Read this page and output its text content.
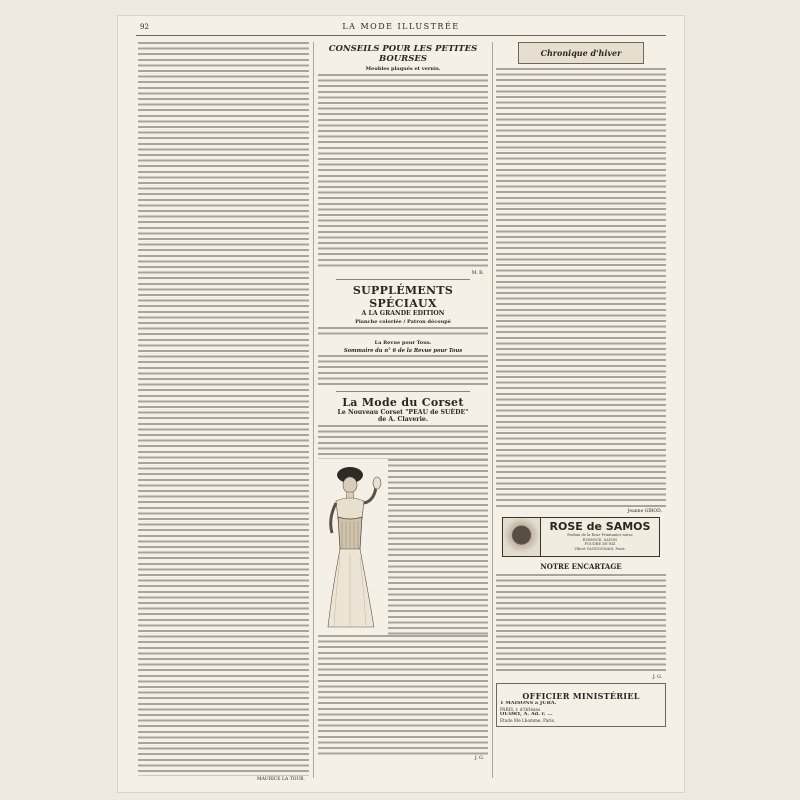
92	LA MODE ILLUSTRÉE
MAURICE LA TOUR.
CONSEILS POUR LES PETITES BOURSES
Meubles plaqués et vernis.
M. R.
SUPPLÉMENTS SPÉCIAUX
A LA GRANDE EDITION
Planche coloriée / Patron découpé
La Revue pour Tous.
Sommaire du n° 6 de la Revue pour Tous
La Mode du Corset
Le Nouveau Corset "PEAU de SUÈDE"
de A. Claverie.
J. G.
Chronique d'hiver
Jeanne GIROD.
ROSE de SAMOS
Parfum de la Rose Prinitanier mirac
ESSENCE, SAVON
POUDRE DE RIZ
Vibert VAGNOGNAIS, Paris.
NOTRE ENCARTAGE
J. G.
OFFICIER MINISTÉRIEL
1 MAISONS à JURA.
PARIS, r. d'Orléans
OUDRY, A. Ad. r. ...
Étude Me Lhomme, Paris.
